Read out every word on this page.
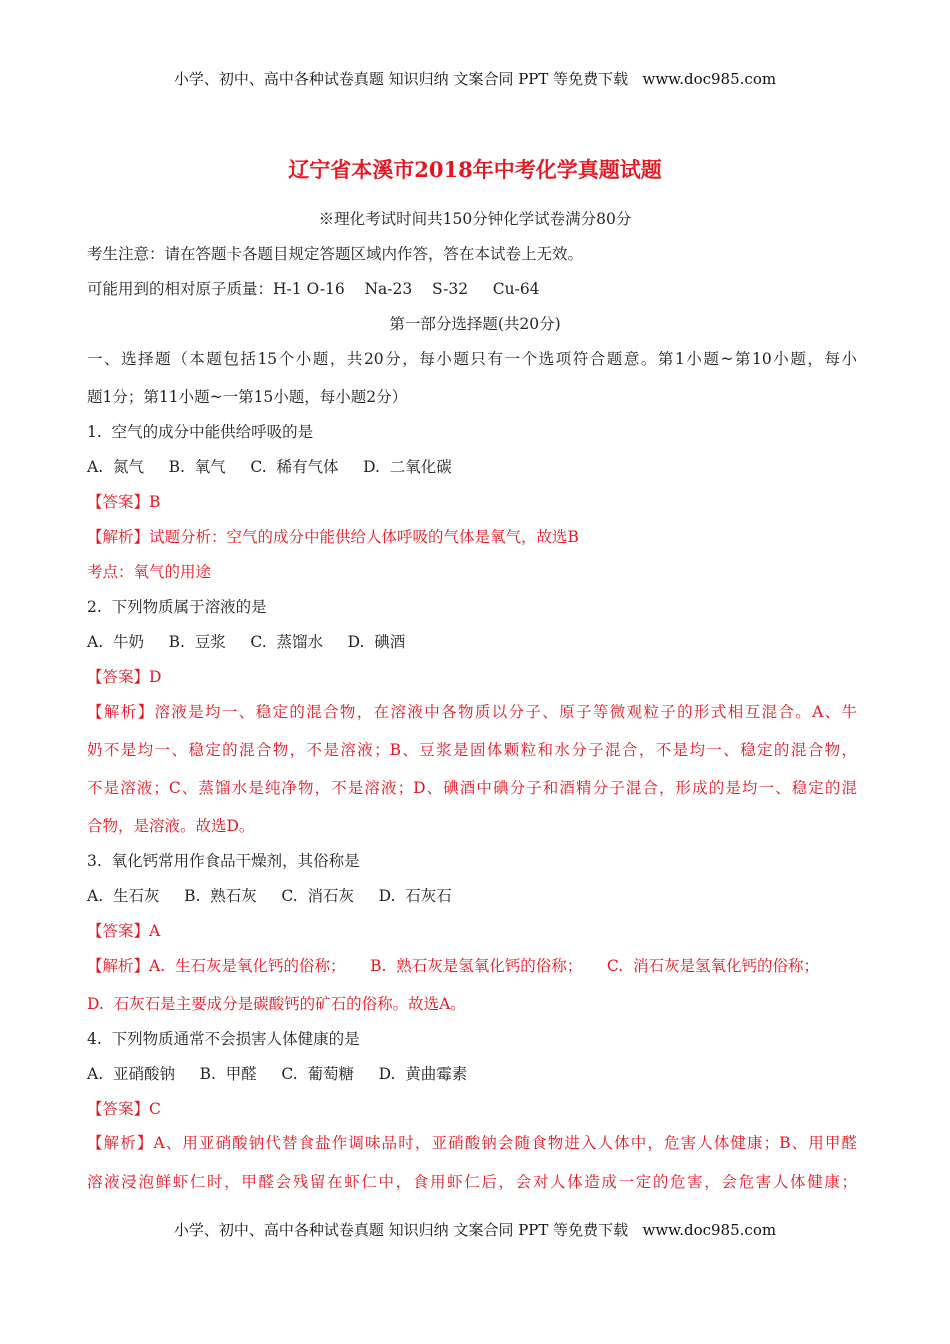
小学、初中、高中各种试卷真题 知识归纳 文案合同 PPT 等免费下载   www.doc985.com
辽宁省本溪市2018年中考化学真题试题
※理化考试时间共150分钟化学试卷满分80分
考生注意：请在答题卡各题目规定答题区域内作答，答在本试卷上无效。
可能用到的相对原子质量：H-1 O-16    Na-23    S-32     Cu-64
第一部分选择题(共20分)
一、选择题（本题包括15个小题，共20分，每小题只有一个选项符合题意。第1小题~第10小题，每小
题1分；第11小题~一第15小题，每小题2分）
1.  空气的成分中能供给呼吸的是
A.  氮气     B.  氧气     C.  稀有气体     D.  二氧化碳
【答案】B
【解析】试题分析：空气的成分中能供给人体呼吸的气体是氧气，故选B
考点：氧气的用途
2.  下列物质属于溶液的是
A.  牛奶     B.  豆浆     C.  蒸馏水     D.  碘酒
【答案】D
【解析】溶液是均一、稳定的混合物，在溶液中各物质以分子、原子等微观粒子的形式相互混合。A、牛
奶不是均一、稳定的混合物，不是溶液；B、豆浆是固体颗粒和水分子混合，不是均一、稳定的混合物，
不是溶液；C、蒸馏水是纯净物，不是溶液；D、碘酒中碘分子和酒精分子混合，形成的是均一、稳定的混
合物，是溶液。故选D。
3.  氧化钙常用作食品干燥剂，其俗称是
A.  生石灰     B.  熟石灰     C.  消石灰     D.  石灰石
【答案】A
【解析】A.  生石灰是氧化钙的俗称；     B.  熟石灰是氢氧化钙的俗称；     C.  消石灰是氢氧化钙的俗称；
D.  石灰石是主要成分是碳酸钙的矿石的俗称。故选A。
4.  下列物质通常不会损害人体健康的是
A.  亚硝酸钠     B.  甲醛     C.  葡萄糖     D.  黄曲霉素
【答案】C
【解析】A、用亚硝酸钠代替食盐作调味品时，亚硝酸钠会随食物进入人体中，危害人体健康；B、用甲醛
溶液浸泡鲜虾仁时，甲醛会残留在虾仁中，食用虾仁后，会对人体造成一定的危害，会危害人体健康；
小学、初中、高中各种试卷真题 知识归纳 文案合同 PPT 等免费下载   www.doc985.com
